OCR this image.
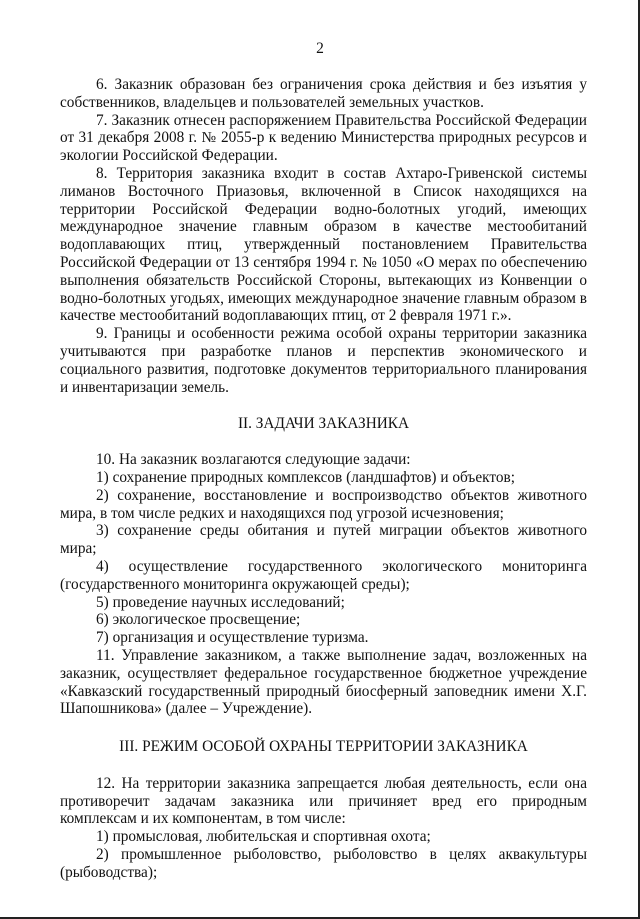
2

6. Заказник образован без ограничения срока действия и без изъятия у собственников, владельцев и пользователей земельных участков.

7. Заказник отнесен распоряжением Правительства Российской Федерации от 31 декабря 2008 г. № 2055-р к ведению Министерства природных ресурсов и экологии Российской Федерации.

8. Территория заказника входит в состав Ахтаро-Гривенской системы лиманов Восточного Приазовья, включенной в Список находящихся на территории Российской Федерации водно-болотных угодий, имеющих международное значение главным образом в качестве местообитаний водоплавающих птиц, утвержденный постановлением Правительства Российской Федерации от 13 сентября 1994 г. № 1050 «О мерах по обеспечению выполнения обязательств Российской Стороны, вытекающих из Конвенции о водно-болотных угодьях, имеющих международное значение главным образом в качестве местообитаний водоплавающих птиц, от 2 февраля 1971 г.».

9. Границы и особенности режима особой охраны территории заказника учитываются при разработке планов и перспектив экономического и социального развития, подготовке документов территориального планирования и инвентаризации земель.

II. ЗАДАЧИ ЗАКАЗНИКА

10. На заказник возлагаются следующие задачи:

1) сохранение природных комплексов (ландшафтов) и объектов;

2) сохранение, восстановление и воспроизводство объектов животного мира, в том числе редких и находящихся под угрозой исчезновения;

3) сохранение среды обитания и путей миграции объектов животного мира;

4) осуществление государственного экологического мониторинга (государственного мониторинга окружающей среды);

5) проведение научных исследований;

6) экологическое просвещение;

7) организация и осуществление туризма.

11. Управление заказником, а также выполнение задач, возложенных на заказник, осуществляет федеральное государственное бюджетное учреждение «Кавказский государственный природный биосферный заповедник имени Х.Г. Шапошникова» (далее – Учреждение).

III. РЕЖИМ ОСОБОЙ ОХРАНЫ ТЕРРИТОРИИ ЗАКАЗНИКА

12. На территории заказника запрещается любая деятельность, если она противоречит задачам заказника или причиняет вред его природным комплексам и их компонентам, в том числе:

1) промысловая, любительская и спортивная охота;

2) промышленное рыболовство, рыболовство в целях аквакультуры (рыбоводства);
